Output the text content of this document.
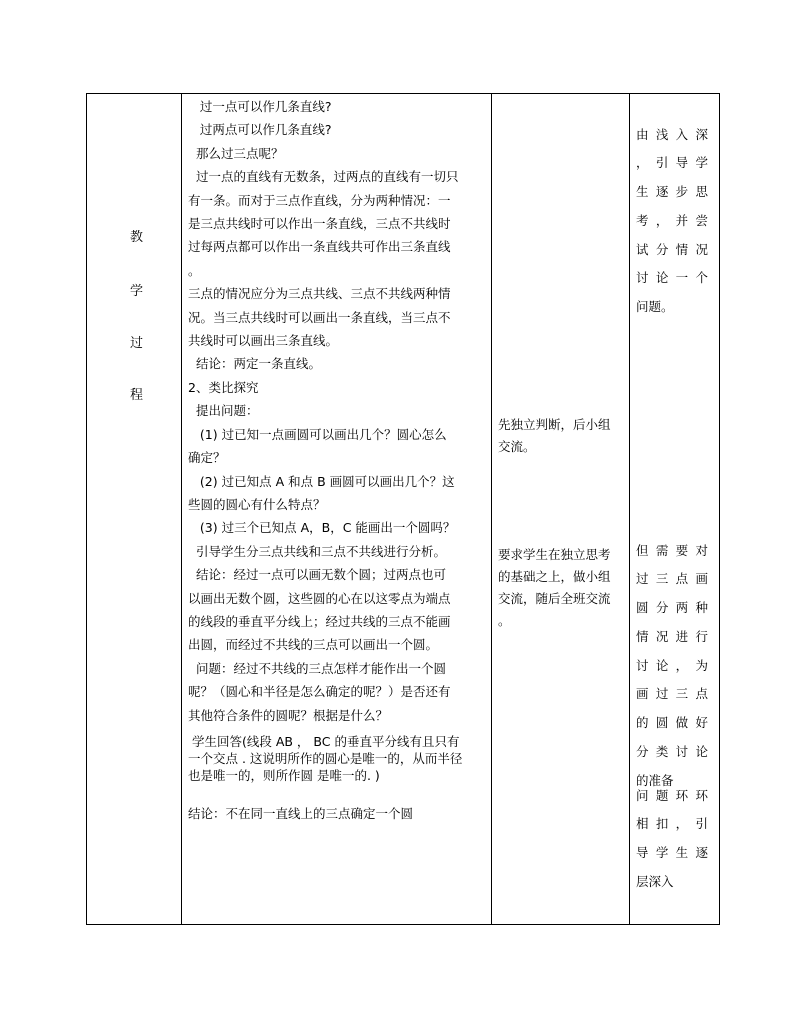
教
学
过
程

过一点可以作几条直线?

过两点可以作几条直线?

那么过三点呢？

过一点的直线有无数条，过两点的直线有一切只

有一条。而对于三点作直线，分为两种情况：一

是三点共线时可以作出一条直线，三点不共线时

过每两点都可以作出一条直线共可作出三条直线

。

三点的情况应分为三点共线、三点不共线两种情

况。当三点共线时可以画出一条直线，当三点不

共线时可以画出三条直线。

结论：两定一条直线。

2、类比探究

提出问题：

(1) 过已知一点画圆可以画出几个？圆心怎么

确定？

(2) 过已知点 A 和点 B 画圆可以画出几个？这

些圆的圆心有什么特点？

(3) 过三个已知点 A，B，C 能画出一个圆吗？

引导学生分三点共线和三点不共线进行分析。

结论：经过一点可以画无数个圆；过两点也可

以画出无数个圆，这些圆的心在以这零点为端点

的线段的垂直平分线上；经过共线的三点不能画

出圆，而经过不共线的三点可以画出一个圆。

问题：经过不共线的三点怎样才能作出一个圆

呢？（圆心和半径是怎么确定的呢？）是否还有

其他符合条件的圆呢？根据是什么？

学生回答(线段 AB ， BC 的垂直平分线有且只有

一个交点 . 这说明所作的圆心是唯一的，从而半径

也是唯一的，则所作圆 是唯一的. )

结论：不在同一直线上的三点确定一个圆

先独立判断，后小组

交流。

要求学生在独立思考

的基础之上，做小组

交流，随后全班交流

。

由浅入深

，引导学

生逐步思

考，并尝

试分情况

讨论一个

问题。

但需要对

过三点画

圆分两种

情况进行

讨论，为

画过三点

的圆做好

分类讨论

的准备

问题环环

相扣，引

导学生逐

层深入
